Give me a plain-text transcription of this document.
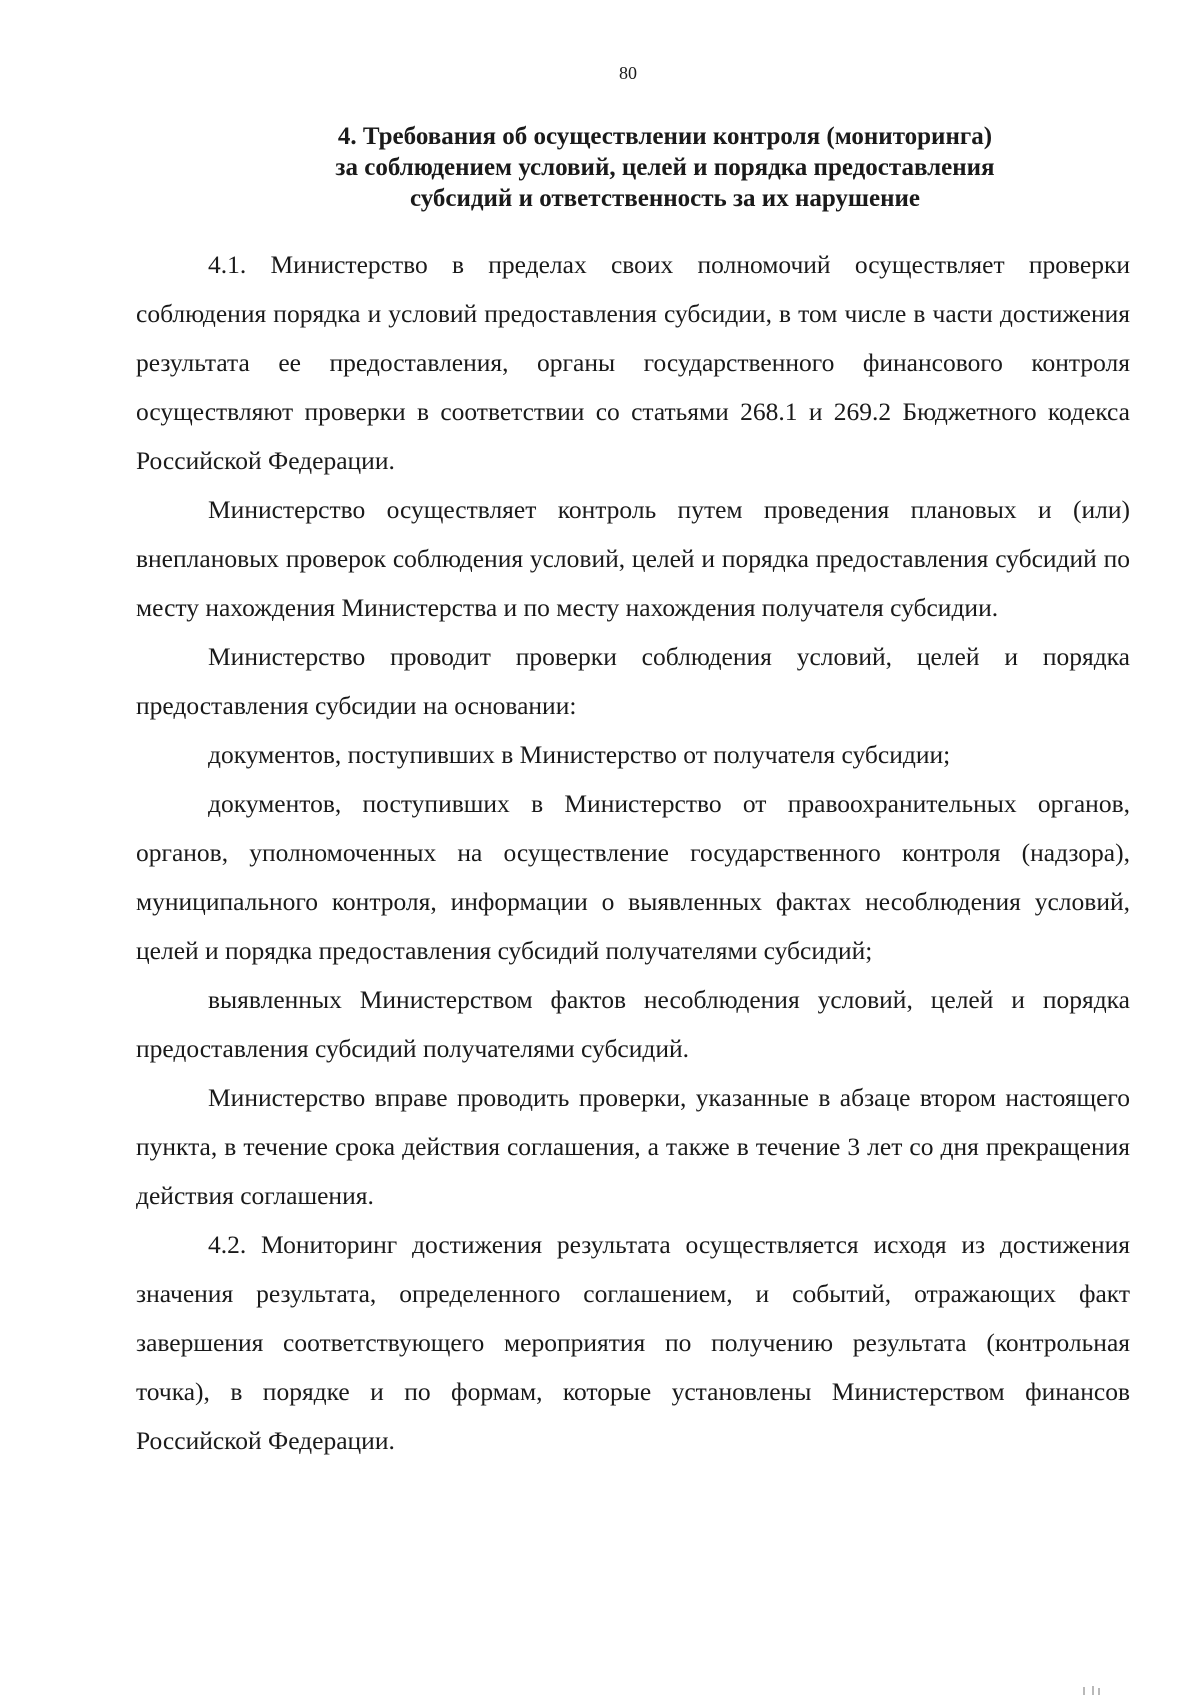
80
4. Требования об осуществлении контроля (мониторинга)
за соблюдением условий, целей и порядка предоставления
субсидий и ответственность за их нарушение

4.1. Министерство в пределах своих полномочий осуществляет проверки соблюдения порядка и условий предоставления субсидии, в том числе в части достижения результата ее предоставления, органы государственного финансового контроля осуществляют проверки в соответствии со статьями 268.1 и 269.2 Бюджетного кодекса Российской Федерации.

Министерство осуществляет контроль путем проведения плановых и (или) внеплановых проверок соблюдения условий, целей и порядка предоставления субсидий по месту нахождения Министерства и по месту нахождения получателя субсидии.

Министерство проводит проверки соблюдения условий, целей и порядка предоставления субсидии на основании:

документов, поступивших в Министерство от получателя субсидии;

документов, поступивших в Министерство от правоохранительных органов, органов, уполномоченных на осуществление государственного контроля (надзора), муниципального контроля, информации о выявленных фактах несоблюдения условий, целей и порядка предоставления субсидий получателями субсидий;

выявленных Министерством фактов несоблюдения условий, целей и порядка предоставления субсидий получателями субсидий.

Министерство вправе проводить проверки, указанные в абзаце втором настоящего пункта, в течение срока действия соглашения, а также в течение 3 лет со дня прекращения действия соглашения.

4.2. Мониторинг достижения результата осуществляется исходя из достижения значения результата, определенного соглашением, и событий, отражающих факт завершения соответствующего мероприятия по получению результата (контрольная точка), в порядке и по формам, которые установлены Министерством финансов Российской Федерации.
